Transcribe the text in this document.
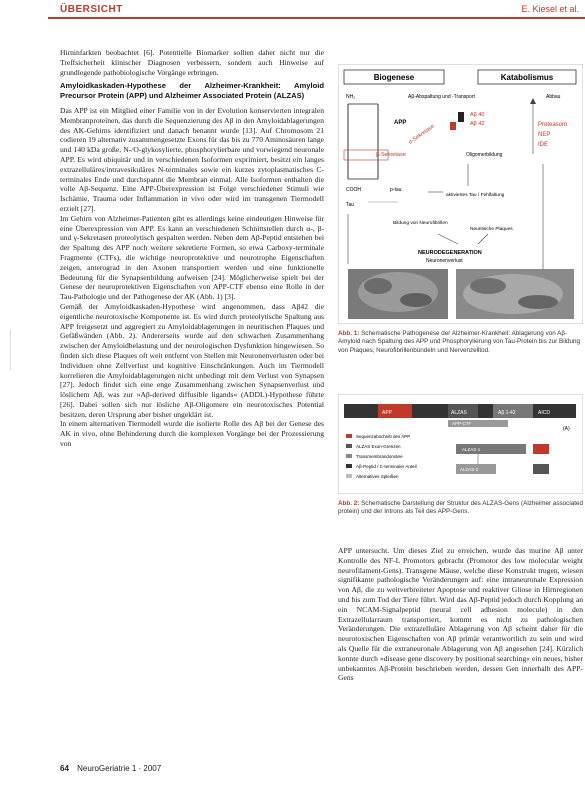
ÜBERSICHT	E. Kiesel et al.

Hirninfarkten beobachtet [6]. Potentielle Biomarker sollten daher nicht nur die Treffsicherheit klinischer Diagnosen verbessern, sondern auch Hinweise auf grundlegende pathobiologische Vorgänge erbringen.

Amyloidkaskaden-Hypothese der Alzheimer-Krankheit: Amyloid Precursor Protein (APP) und Alzheimer Associated Protein (ALZAS)

Das APP ist ein Mitglied einer Familie von in der Evolution konservierten integralen Membranproteinen, das durch die Sequenzierung des Aβ in den Amyloidablagerungen des AK-Gehirns identifiziert und danach benannt wurde [13]. Auf Chromosom 21 codieren 19 alternativ zusammengesetzte Exons für das bis zu 770 Aminosäuren lange und 140 kDa große, N-/O-glykosylierte, phosphorylierbare und vorwiegend neuronale APP. Es wird ubiquitär und in verschiedenen Isoformen exprimiert, besitzt ein langes extrazelluläres/intravesikuläres N-terminales sowie ein kurzes zytoplasmatisches C-terminales Ende und durchspannt die Membran einmal. Alle Isoformen enthalten die volle Aβ-Sequenz. Eine APP-Überexpression ist Folge verschiedener Stimuli wie Ischämie, Trauma oder Inflammation in vivo oder wird im transgenen Tiermodell erzielt [27].

Im Gehirn von Alzheimer-Patienten gibt es allerdings keine eindeutigen Hinweise für eine Überexpression von APP. Es kann an verschiedenen Schnittstellen durch α-, β- und γ-Sekretasen proteolytisch gespalten werden. Neben dem Aβ-Peptid entstehen bei der Spaltung des APP noch weitere sekretierte Formen, so etwa Carboxy-terminale Fragmente (CTFs), die wichtige neuroprotektive und neurotrophe Eigenschaften zeigen, anterograd in den Axonen transportiert werden und eine funktionelle Bedeutung für die Synapsenbildung aufweisen [24]. Möglicherweise spielt bei der Genese der neuroprotektiven Eigenschaften von APP-CTF ebenso eine Rolle in der Tau-Pathologie und der Pathogenese der AK (Abb. 1) [3].

Gemäß der Amyloidkaskaden-Hypothese wird angenommen, dass Aβ42 die eigentliche neurotoxische Komponente ist. Es wird durch proteolytische Spaltung aus APP freigesetzt und aggregiert zu Amyloidablagerungen in neuritischen Plaques und Gefäßwänden (Abb. 2). Andererseits wurde auf den schwachen Zusammenhang zwischen der Amyloidbelastung und der neurologischen Dysfunktion hingewiesen. So finden sich diese Plaques oft weit entfernt von Stellen mit Neuronenverlusten oder bei Individuen ohne Zellverlust und kognitive Einschränkungen. Auch im Tiermodell korrelieren die Amyloidablagerungen nicht unbedingt mit dem Verlust von Synapsen [27]. Jedoch findet sich eine enge Zusammenhang zwischen Synapsenverlust und löslichem Aβ, was zur »Aβ-derived diffusible ligands« (ADDL)-Hypothese führte [26]. Dabei sollen sich nur lösliche Aβ-Oligomere ein neurotoxisches Potential besitzen, deren Ursprung aber bisher ungeklärt ist.

In einem alternativen Tiermodell wurde die isolierte Rolle des Aβ bei der Genese des AK in vivo, ohne Behinderung durch die komplexen Vorgänge bei der Prozessierung von

Biogenese	Katabolismus
NH₂	Aβ-Abspaltung und -Transport	Abbau
APP
β-Sekretase
α-Sekretase
Aβ 40
Aβ 42	Proteasom
NEP
IDE
Oligomerbildung
COOH	p-tau
Tau
aktiviertes Tau / Fehlfaltung
Bildung von Neurofibrillen
Neuritische Plaques
NEURODEGENERATION
Neuronenverlust
Abb. 1: Schematische Pathogenese der Alzheimer-Krankheit: Ablagerung von Aβ-Amyloid nach Spaltung des APP und Phosphorylierung von Tau-Protein bis zur Bildung von Plaques, Neurofibrillenbündeln und Nervenzelltod.
APP	ALZAS	Aβ 1-42	AICD
APP-CTF
(A)
Sequenzabschnitt des APP
ALZAS Exon-Grenzen
Transmembrandomäne
Aβ-Peptid / C-terminaler Anteil
Alternatives Spleißen
ALZAS-1
ALZAS-2
Abb. 2: Schematische Darstellung der Struktur des ALZAS-Gens (Alzheimer associated protein) und der Introns als Teil des APP-Gens.

APP untersucht. Um dieses Ziel zu erreichen, wurde das murine Aβ unter Kontrolle des NF-L Promotors gebracht (Promotor des low molecular weight neurofilament-Gens). Transgene Mäuse, welche diese Konstrukt trugen, wiesen signifikante pathologische Veränderungen auf: eine intraneuronale Expression von Aβ, die zu weitverbreiteter Apoptose und reaktiver Gliose in Hirnregionen und bis zum Tod der Tiere führt. Wird das Aβ-Peptid jedoch durch Kopplung an ein NCAM-Signalpeptid (neural cell adhesion molecule) in den Extrazellularraum transportiert, kommt es nicht zu pathologischen Veränderungen. Die extrazelluläre Ablagerung von Aβ scheint daher für die neurotoxischen Eigenschaften von Aβ primär verantwortlich zu sein und wird als Quelle für die extraneuronale Ablagerung von Aβ angesehen [24]. Kürzlich konnte durch »disease gene discovery by positional searching« ein neues, bisher unbekanntes Aβ-Protein beschrieben werden, dessen Gen innerhalb des APP-Gens

64 NeuroGeriatrie 1 · 2007
